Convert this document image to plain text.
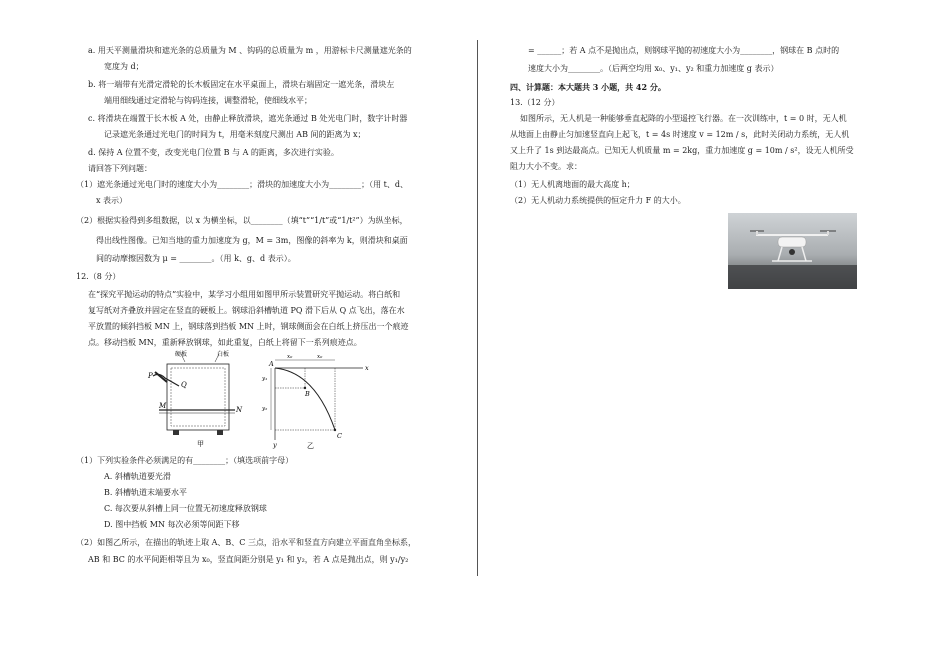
a. 用天平测量滑块和遮光条的总质量为 M 、钩码的总质量为 m ，用游标卡尺测量遮光条的
宽度为 d；
b. 将一端带有光滑定滑轮的长木板固定在水平桌面上，滑块右端固定一遮光条，滑块左
端用细线通过定滑轮与钩码连接，调整滑轮，使细线水平；
c. 将滑块在端置于长木板 A 处，由静止释放滑块，遮光条通过 B 处光电门时，数字计时器
记录遮光条通过光电门的时间为 t，用毫米刻度尺测出 AB 间的距离为 x；
d. 保持 A 位置不变，改变光电门位置 B 与 A 的距离，多次进行实验。
请回答下列问题：
（1）遮光条通过光电门时的速度大小为________；滑块的加速度大小为________；（用 t、d、
x 表示）
（2）根据实验得到多组数据，以 x 为横坐标，以________（填“t”“1/t”或“1/t²”）为纵坐标，
得出线性图像。已知当地的重力加速度为 g，M = 3m，图像的斜率为 k，则滑块和桌面
间的动摩擦因数为 μ = ________。（用 k、g、d 表示）。
12.（8 分）
在“探究平抛运动的特点”实验中，某学习小组用如图甲所示装置研究平抛运动。将白纸和
复写纸对齐叠放并固定在竖直的硬板上。钢球沿斜槽轨道 PQ 滑下后从 Q 点飞出，落在水
平放置的倾斜挡板 MN 上，钢球落到挡板 MN 上时，钢球侧面会在白纸上挤压出一个痕迹
点。移动挡板 MN，重新释放钢球，如此重复，白纸上将留下一系列痕迹点。
硬板	白板
P
Q
M	N
甲
A
B
C
x
y
x₀	x₀
y₁
y₂
乙
（1）下列实验条件必须满足的有________；（填选项前字母）
A. 斜槽轨道要光滑
B. 斜槽轨道末端要水平
C. 每次要从斜槽上同一位置无初速度释放钢球
D. 图中挡板 MN 每次必须等间距下移
（2）如图乙所示，在描出的轨迹上取 A、B、C 三点，沿水平和竖直方向建立平面直角坐标系，
AB 和 BC 的水平间距相等且为 x₀，竖直间距分别是 y₁ 和 y₂，若 A 点是抛出点，则 y₁/y₂
= ______；若 A 点不是抛出点，则钢球平抛的初速度大小为________，钢球在 B 点时的
速度大小为________。（后两空均用 x₀、y₁、y₂ 和重力加速度 g 表示）
四、计算题：本大题共 3 小题，共 42 分。
13.（12 分）
如图所示，无人机是一种能够垂直起降的小型遥控飞行器。在一次训练中，t = 0 时，无人机
从地面上由静止匀加速竖直向上起飞，t = 4s 时速度 v = 12m / s，此时关闭动力系统，无人机
又上升了 1s 到达最高点。已知无人机质量 m = 2kg，重力加速度 g = 10m / s²，设无人机所受
阻力大小不变。求：
（1）无人机离地面的最大高度 h；
（2）无人机动力系统提供的恒定升力 F 的大小。
